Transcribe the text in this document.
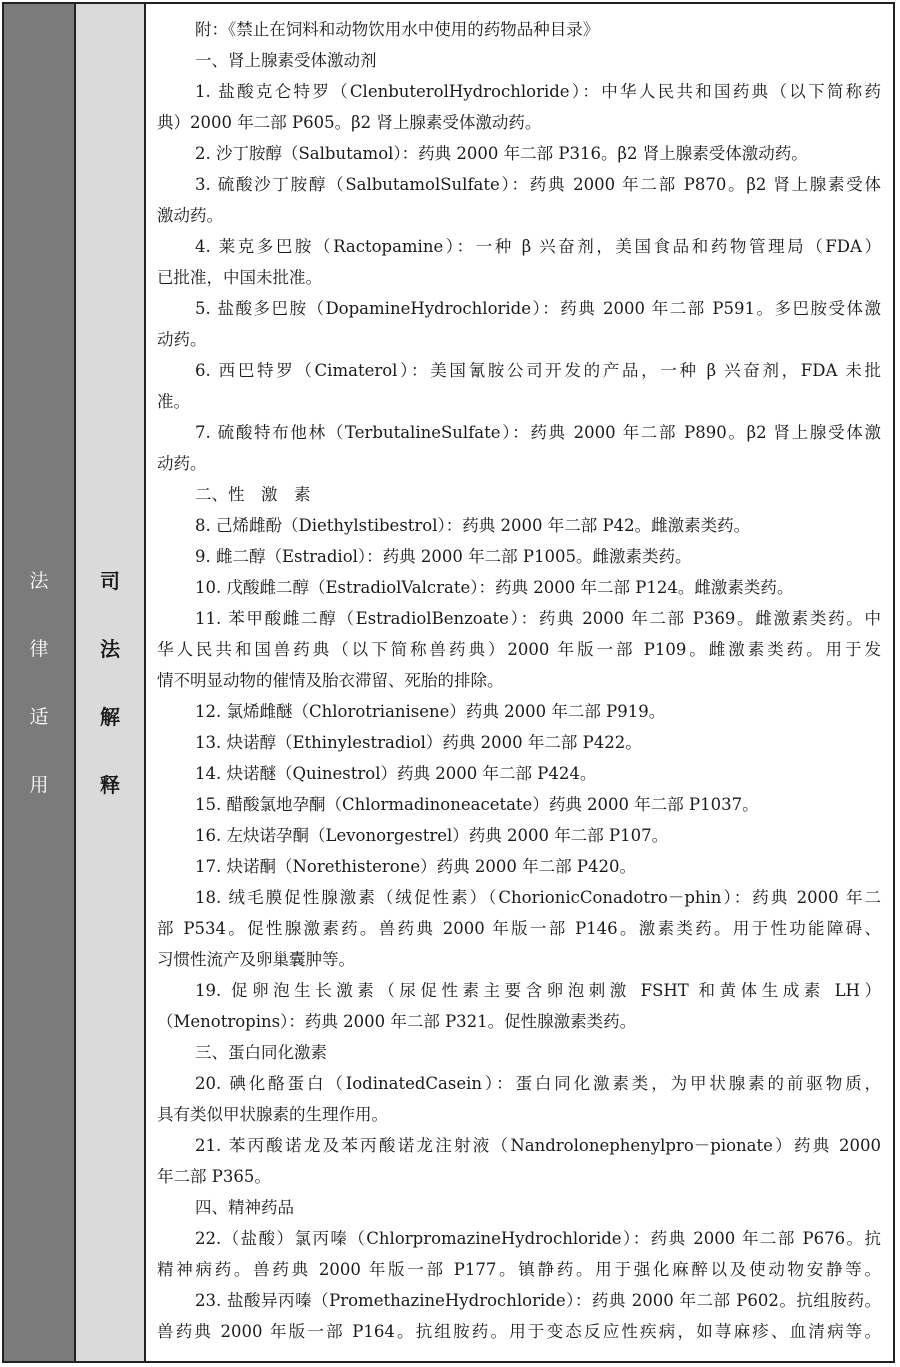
法
律
适
用
司
法
解
释
附：《禁止在饲料和动物饮用水中使用的药物品种目录》
一、肾上腺素受体激动剂
1. 盐酸克仑特罗（ClenbuterolHydrochloride）：中华人民共和国药典（以下简称药
典）2000 年二部 P605。β2 肾上腺素受体激动药。
2. 沙丁胺醇（Salbutamol）：药典 2000 年二部 P316。β2 肾上腺素受体激动药。
3. 硫酸沙丁胺醇（SalbutamolSulfate）：药典 2000 年二部 P870。β2 肾上腺素受体
激动药。
4. 莱克多巴胺（Ractopamine）：一种 β 兴奋剂，美国食品和药物管理局（FDA）
已批准，中国未批准。
5. 盐酸多巴胺（DopamineHydrochloride）：药典 2000 年二部 P591。多巴胺受体激
动药。
6. 西巴特罗（Cimaterol）：美国氰胺公司开发的产品，一种 β 兴奋剂，FDA 未批
准。
7. 硫酸特布他林（TerbutalineSulfate）：药典 2000 年二部 P890。β2 肾上腺受体激
动药。
二、性　激　素
8. 己烯雌酚（Diethylstibestrol）：药典 2000 年二部 P42。雌激素类药。
9. 雌二醇（Estradiol）：药典 2000 年二部 P1005。雌激素类药。
10. 戊酸雌二醇（EstradiolValcrate）：药典 2000 年二部 P124。雌激素类药。
11. 苯甲酸雌二醇（EstradiolBenzoate）：药典 2000 年二部 P369。雌激素类药。中
华人民共和国兽药典（以下简称兽药典）2000 年版一部 P109。雌激素类药。用于发
情不明显动物的催情及胎衣滞留、死胎的排除。
12. 氯烯雌醚（Chlorotrianisene）药典 2000 年二部 P919。
13. 炔诺醇（Ethinylestradiol）药典 2000 年二部 P422。
14. 炔诺醚（Quinestrol）药典 2000 年二部 P424。
15. 醋酸氯地孕酮（Chlormadinoneacetate）药典 2000 年二部 P1037。
16. 左炔诺孕酮（Levonorgestrel）药典 2000 年二部 P107。
17. 炔诺酮（Norethisterone）药典 2000 年二部 P420。
18. 绒毛膜促性腺激素（绒促性素）（ChorionicConadotro－phin）：药典 2000 年二
部 P534。促性腺激素药。兽药典 2000 年版一部 P146。激素类药。用于性功能障碍、
习惯性流产及卵巢囊肿等。
19. 促卵泡生长激素（尿促性素主要含卵泡刺激 FSHT 和黄体生成素 LH）
（Menotropins）：药典 2000 年二部 P321。促性腺激素类药。
三、蛋白同化激素
20. 碘化酪蛋白（IodinatedCasein）：蛋白同化激素类，为甲状腺素的前驱物质，
具有类似甲状腺素的生理作用。
21. 苯丙酸诺龙及苯丙酸诺龙注射液（Nandrolonephenylpro－pionate）药典 2000
年二部 P365。
四、精神药品
22.（盐酸）氯丙嗪（ChlorpromazineHydrochloride）：药典 2000 年二部 P676。抗
精神病药。兽药典 2000 年版一部 P177。镇静药。用于强化麻醉以及使动物安静等。
23. 盐酸异丙嗪（PromethazineHydrochloride）：药典 2000 年二部 P602。抗组胺药。
兽药典 2000 年版一部 P164。抗组胺药。用于变态反应性疾病，如荨麻疹、血清病等。
